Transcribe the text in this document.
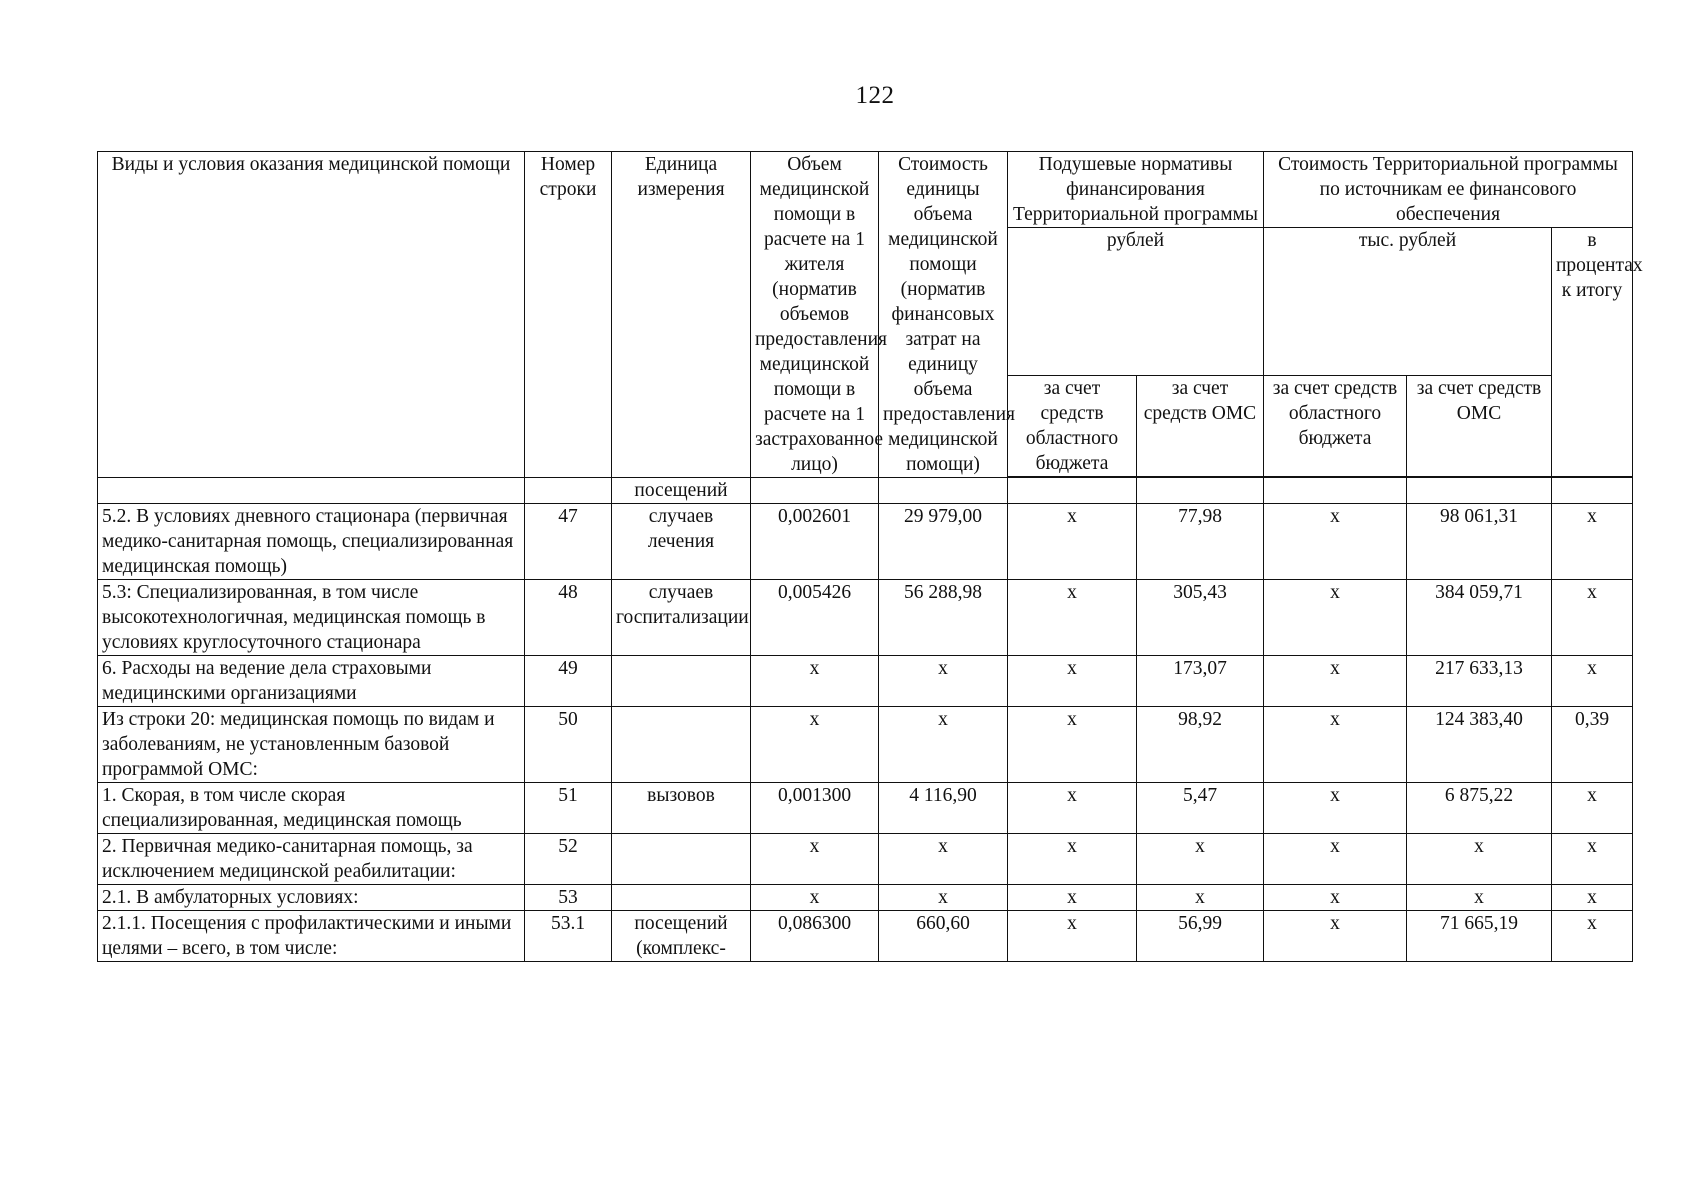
122
Виды и условия оказания медицинской помощи	Номер строки	Единица измерения	Объем медицинской помощи в расчете на 1 жителя (норматив объемов предоставления медицинской помощи в расчете на 1 застрахованное лицо)	Стоимость единицы объема медицинской помощи (норматив финансовых затрат на единицу объема предоставления медицинской помощи)	Подушевые нормативы финансирования Территориальной программы		Стоимость Территориальной программы по источникам ее финансового обеспечения		
					рублей		тыс. рублей		в процентах к итогу
					за счет средств областного бюджета	за счет средств ОМС	за счет средств областного бюджета	за счет средств ОМС	

		посещений							
5.2. В условиях дневного стационара (первичная медико-санитарная помощь, специализированная медицинская помощь)	47	случаев лечения	0,002601	29 979,00	x	77,98	x	98 061,31	x
5.3: Специализированная, в том числе высокотехнологичная, медицинская помощь в условиях круглосуточного стационара	48	случаев госпитализации	0,005426	56 288,98	x	305,43	x	384 059,71	x
6. Расходы на ведение дела страховыми медицинскими организациями	49		x	x	x	173,07	x	217 633,13	x
Из строки 20: медицинская помощь по видам и заболеваниям, не установленным базовой программой ОМС:	50		x	x	x	98,92	x	124 383,40	0,39
1. Скорая, в том числе скорая специализированная, медицинская помощь	51	вызовов	0,001300	4 116,90	x	5,47	x	6 875,22	x
2. Первичная медико-санитарная помощь, за исключением медицинской реабилитации:	52		x	x	x	x	x	x	x
2.1. В амбулаторных условиях:	53		x	x	x	x	x	x	x
2.1.1. Посещения с профилактическими и иными целями – всего, в том числе:	53.1	посещений (комплекс-	0,086300	660,60	x	56,99	x	71 665,19	x
